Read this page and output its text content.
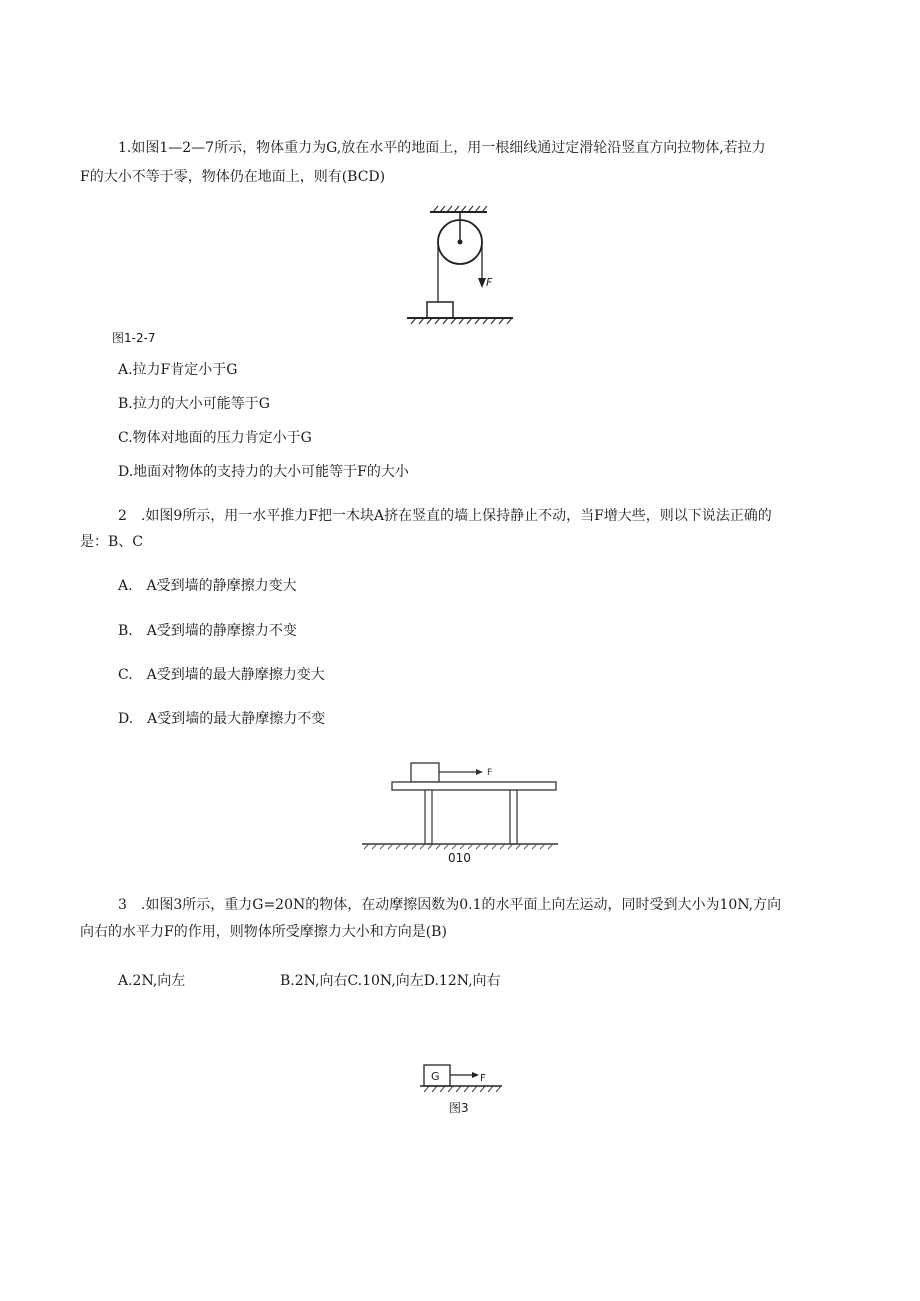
1.如图1—2—7所示，物体重力为G,放在水平的地面上，用一根细线通过定滑轮沿竖直方向拉物体,若拉力
F的大小不等于零，物体仍在地面上，则有(BCD)
F
图1-2-7
A.拉力F肯定小于G
B.拉力的大小可能等于G
C.物体对地面的压力肯定小于G
D.地面对物体的支持力的大小可能等于F的大小
2　.如图9所示，用一水平推力F把一木块A挤在竖直的墙上保持静止不动，当F增大些，则以下说法正确的
是：B、C
A.　A受到墙的静摩擦力变大
B.　A受到墙的静摩擦力不变
C.　A受到墙的最大静摩擦力变大
D.　A受到墙的最大静摩擦力不变
F
010
3　.如图3所示，重力G=20N的物体，在动摩擦因数为0.1的水平面上向左运动，同时受到大小为10N,方向
向右的水平力F的作用，则物体所受摩擦力大小和方向是(B)
A.2N,向左	B.2N,向右C.10N,向左D.12N,向右
G	F
图3
